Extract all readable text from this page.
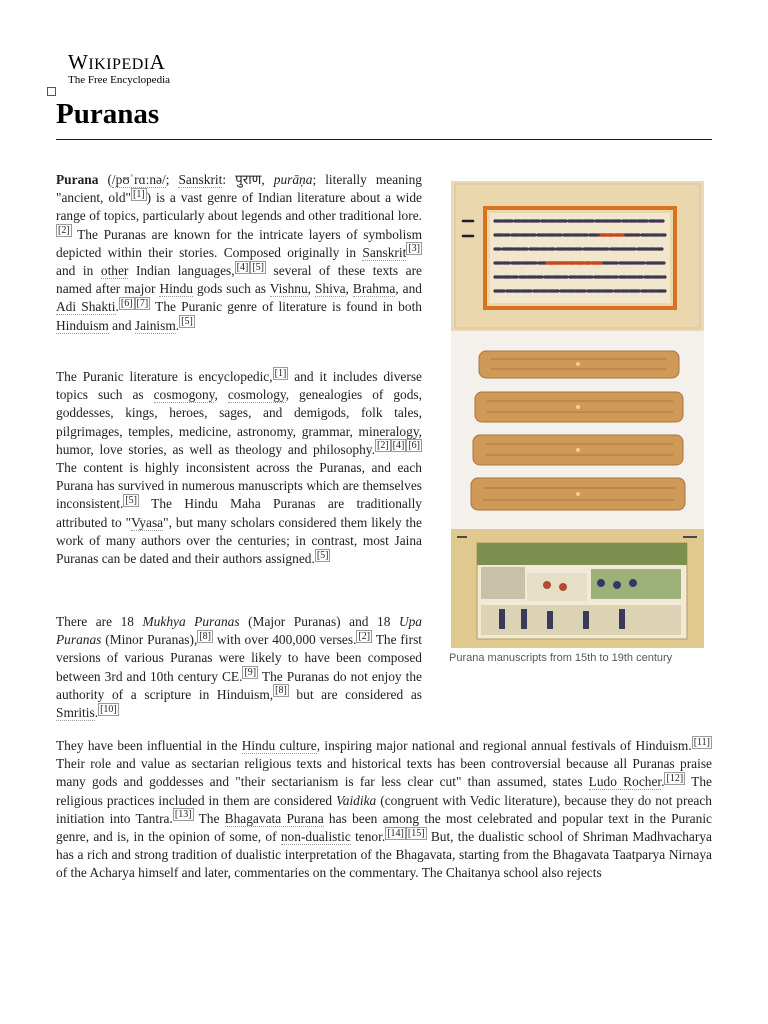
WIKIPEDIA
The Free Encyclopedia
Puranas

Purana (/pʊˈrɑːnə/; Sanskrit: पुराण, purāṇa; literally meaning "ancient, old" [1] ) is a vast genre of Indian literature about a wide range of topics, particularly about legends and other traditional lore.[2] The Puranas are known for the intricate layers of symbolism depicted within their stories. Composed originally in Sanskrit [3] and in other Indian languages, [4] [5] several of these texts are named after major Hindu gods such as Vishnu, Shiva, Brahma, and Adi Shakti. [6] [7] The Puranic genre of literature is found in both Hinduism and Jainism. [5]

The Puranic literature is encyclopedic, [1] and it includes diverse topics such as cosmogony, cosmology, genealogies of gods, goddesses, kings, heroes, sages, and demigods, folk tales, pilgrimages, temples, medicine, astronomy, grammar, mineralogy, humor, love stories, as well as theology and philosophy. [2] [4] [6] The content is highly inconsistent across the Puranas, and each Purana has survived in numerous manuscripts which are themselves inconsistent. [5] The Hindu Maha Puranas are traditionally attributed to "Vyasa", but many scholars considered them likely the work of many authors over the centuries; in contrast, most Jaina Puranas can be dated and their authors assigned. [5]

There are 18 Mukhya Puranas (Major Puranas) and 18 Upa Puranas (Minor Puranas), [8] with over 400,000 verses. [2] The first versions of various Puranas were likely to have been composed between 3rd and 10th century CE. [9] The Puranas do not enjoy the authority of a scripture in Hinduism, [8] but are considered as Smritis. [10]

They have been influential in the Hindu culture, inspiring major national and regional annual festivals of Hinduism. [11] Their role and value as sectarian religious texts and historical texts has been controversial because all Puranas praise many gods and goddesses and "their sectarianism is far less clear cut" than assumed, states Ludo Rocher. [12] The religious practices included in them are considered Vaidika (congruent with Vedic literature), because they do not preach initiation into Tantra. [13] The Bhagavata Purana has been among the most celebrated and popular text in the Puranic genre, and is, in the opinion of some, of non-dualistic tenor. [14] [15] But, the dualistic school of Shriman Madhvacharya has a rich and strong tradition of dualistic interpretation of the Bhagavata, starting from the Bhagavata Taatparya Nirnaya of the Acharya himself and later, commentaries on the commentary. The Chaitanya school also rejects

Purana manuscripts from 15th to 19th century
